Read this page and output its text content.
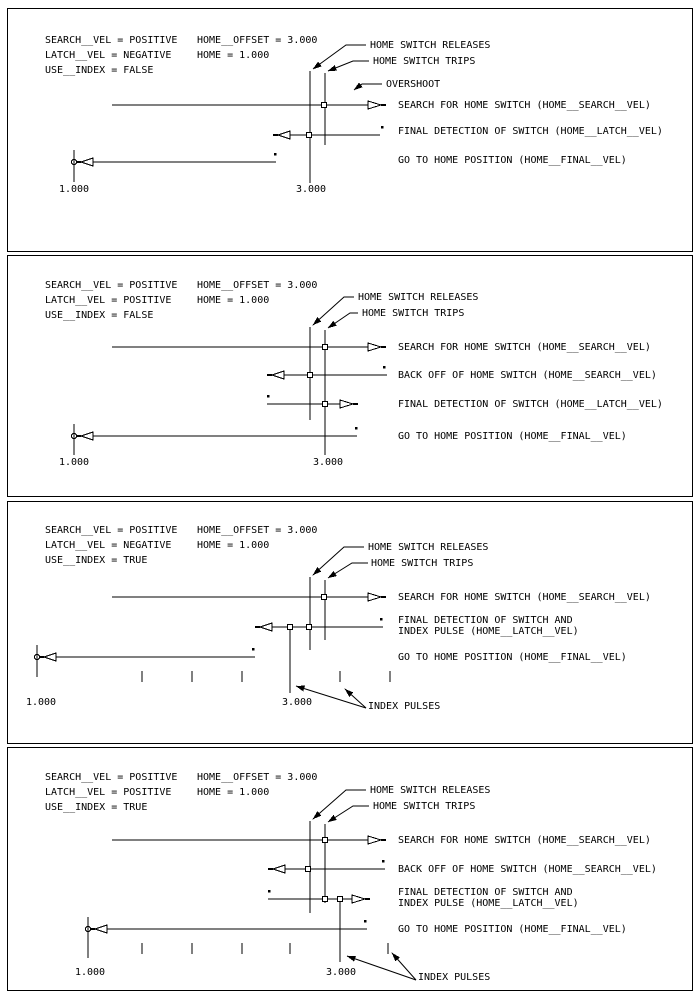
SEARCH__VEL = POSITIVE
LATCH__VEL = NEGATIVE
USE__INDEX = FALSE
HOME__OFFSET = 3.000
HOME = 1.000
HOME SWITCH RELEASES
HOME SWITCH TRIPS
OVERSHOOT
SEARCH FOR HOME SWITCH (HOME__SEARCH__VEL)
FINAL DETECTION OF SWITCH (HOME__LATCH__VEL)
GO TO HOME POSITION (HOME__FINAL__VEL)
1.000	3.000
SEARCH__VEL = POSITIVE
LATCH__VEL = POSITIVE
USE__INDEX = FALSE
HOME__OFFSET = 3.000
HOME = 1.000	HOME SWITCH RELEASES
HOME SWITCH TRIPS
SEARCH FOR HOME SWITCH (HOME__SEARCH__VEL)
BACK OFF OF HOME SWITCH (HOME__SEARCH__VEL)
FINAL DETECTION OF SWITCH (HOME__LATCH__VEL)
GO TO HOME POSITION (HOME__FINAL__VEL)
1.000	3.000
SEARCH__VEL = POSITIVE
LATCH__VEL = NEGATIVE
USE__INDEX = TRUE
HOME__OFFSET = 3.000
HOME = 1.000	HOME SWITCH RELEASES
HOME SWITCH TRIPS
SEARCH FOR HOME SWITCH (HOME__SEARCH__VEL)
FINAL DETECTION OF SWITCH AND
INDEX PULSE (HOME__LATCH__VEL)
GO TO HOME POSITION (HOME__FINAL__VEL)
1.000	3.000	INDEX PULSES
SEARCH__VEL = POSITIVE
LATCH__VEL = POSITIVE
USE__INDEX = TRUE
HOME__OFFSET = 3.000
HOME = 1.000	HOME SWITCH RELEASES
HOME SWITCH TRIPS
SEARCH FOR HOME SWITCH (HOME__SEARCH__VEL)
BACK OFF OF HOME SWITCH (HOME__SEARCH__VEL)
FINAL DETECTION OF SWITCH AND
INDEX PULSE (HOME__LATCH__VEL)
GO TO HOME POSITION (HOME__FINAL__VEL)
1.000	3.000	INDEX PULSES
